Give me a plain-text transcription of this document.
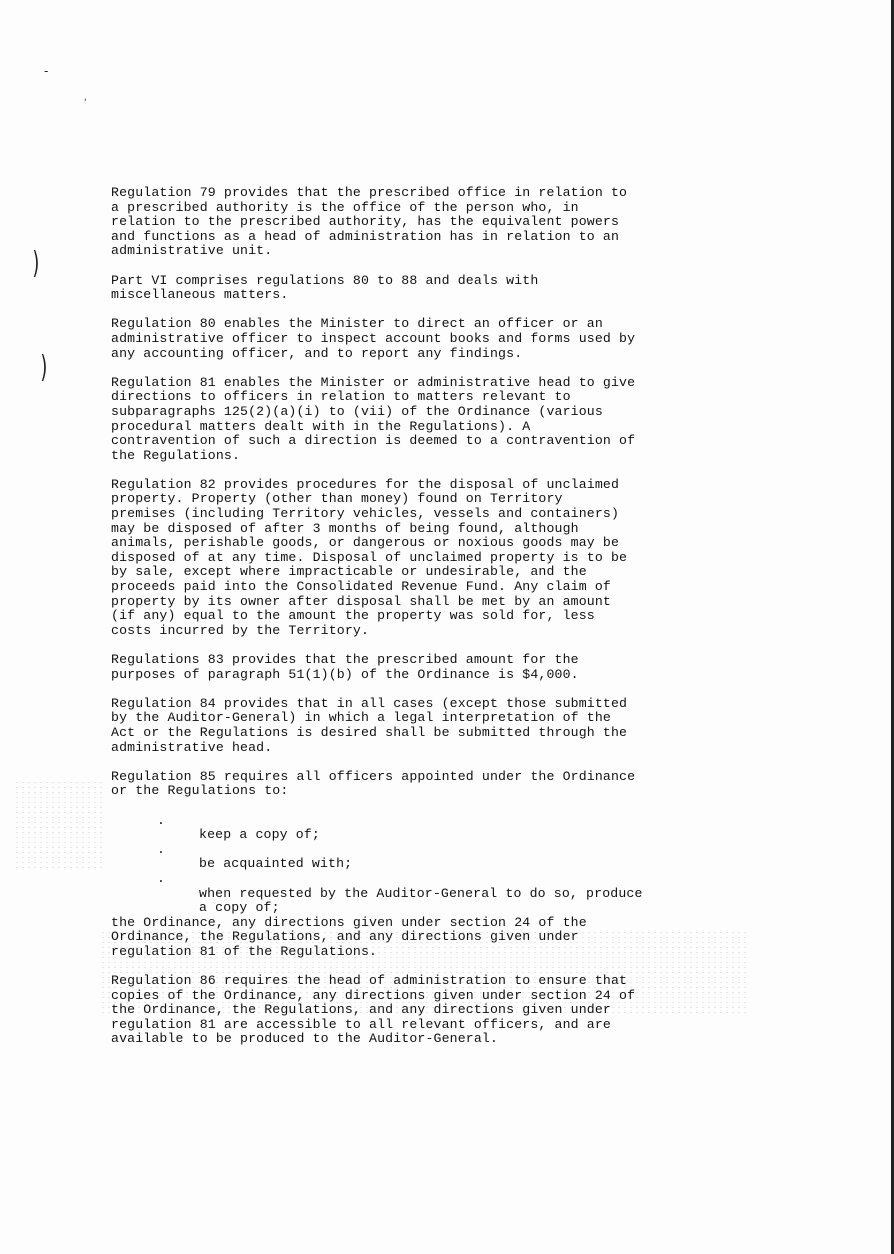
-
'
)
)

Regulation 79 provides that the prescribed office in relation to
a prescribed authority is the office of the person who, in
relation to the prescribed authority, has the equivalent powers
and functions as a head of administration has in relation to an
administrative unit.

Part VI comprises regulations 80 to 88 and deals with
miscellaneous matters.

Regulation 80 enables the Minister to direct an officer or an
administrative officer to inspect account books and forms used by
any accounting officer, and to report any findings.

Regulation 81 enables the Minister or administrative head to give
directions to officers in relation to matters relevant to
subparagraphs 125(2)(a)(i) to (vii) of the Ordinance (various
procedural matters dealt with in the Regulations). A
contravention of such a direction is deemed to a contravention of
the Regulations.

Regulation 82 provides procedures for the disposal of unclaimed
property. Property (other than money) found on Territory
premises (including Territory vehicles, vessels and containers)
may be disposed of after 3 months of being found, although
animals, perishable goods, or dangerous or noxious goods may be
disposed of at any time. Disposal of unclaimed property is to be
by sale, except where impracticable or undesirable, and the
proceeds paid into the Consolidated Revenue Fund. Any claim of
property by its owner after disposal shall be met by an amount
(if any) equal to the amount the property was sold for, less
costs incurred by the Territory.

Regulations 83 provides that the prescribed amount for the
purposes of paragraph 51(1)(b) of the Ordinance is $4,000.

Regulation 84 provides that in all cases (except those submitted
by the Auditor-General) in which a legal interpretation of the
Act or the Regulations is desired shall be submitted through the
administrative head.

Regulation 85 requires all officers appointed under the Ordinance
or the Regulations to:

.
keep a copy of;

.
be acquainted with;

.
when requested by the Auditor-General to do so, produce
a copy of;

the Ordinance, any directions given under section 24 of the
Ordinance, the Regulations, and any directions given under
regulation 81 of the Regulations.

Regulation 86 requires the head of administration to ensure that
copies of the Ordinance, any directions given under section 24 of
the Ordinance, the Regulations, and any directions given under
regulation 81 are accessible to all relevant officers, and are
available to be produced to the Auditor-General.
